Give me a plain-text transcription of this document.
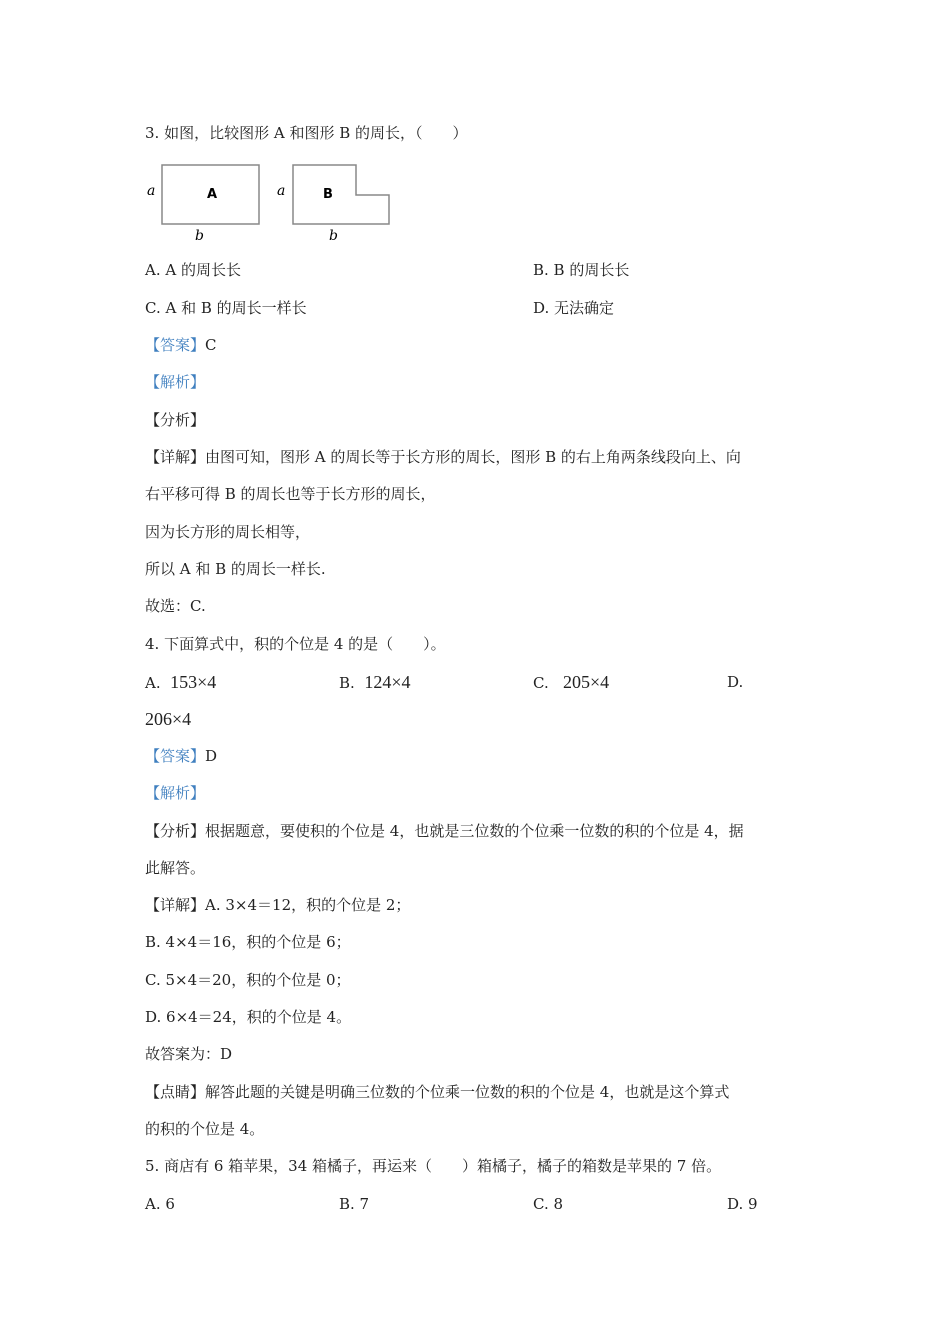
3. 如图，比较图形 A 和图形 B 的周长，（　　）
A	B
a
b
a
b
A. A 的周长长	B. B 的周长长
C. A 和 B 的周长一样长	D. 无法确定
【答案】C
【解析】
【分析】
【详解】由图可知，图形 A 的周长等于长方形的周长，图形 B 的右上角两条线段向上、向
右平移可得 B 的周长也等于长方形的周长，
因为长方形的周长相等，
所以 A 和 B 的周长一样长.
故选：C.
4. 下面算式中，积的个位是 4 的是（　　）。
A. 153×4	B. 124×4	C. 205×4	D.
206×4
【答案】D
【解析】
【分析】根据题意，要使积的个位是 4，也就是三位数的个位乘一位数的积的个位是 4，据
此解答。
【详解】A. 3×4＝12，积的个位是 2；
B. 4×4＝16，积的个位是 6；
C. 5×4＝20，积的个位是 0；
D. 6×4＝24，积的个位是 4。
故答案为：D
【点睛】解答此题的关键是明确三位数的个位乘一位数的积的个位是 4，也就是这个算式
的积的个位是 4。
5. 商店有 6 箱苹果，34 箱橘子，再运来（　　）箱橘子，橘子的箱数是苹果的 7 倍。
A. 6	B. 7	C. 8	D. 9
